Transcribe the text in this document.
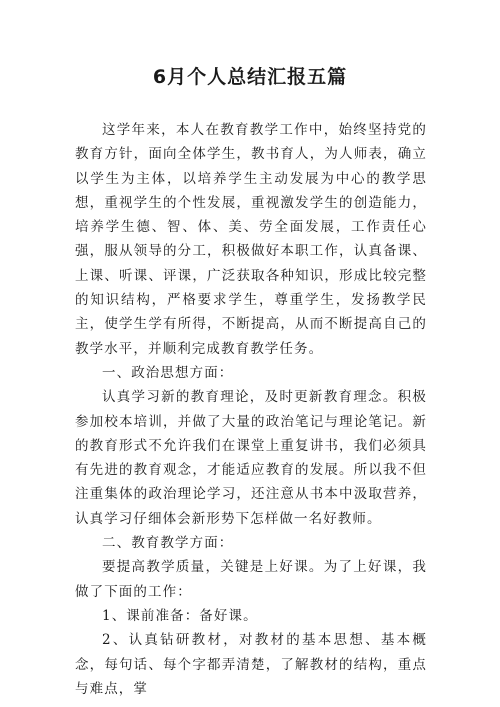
6月个人总结汇报五篇

这学年来，本人在教育教学工作中，始终坚持党的教育方针，面向全体学生，教书育人，为人师表，确立以学生为主体，以培养学生主动发展为中心的教学思想，重视学生的个性发展，重视激发学生的创造能力，培养学生德、智、体、美、劳全面发展，工作责任心强，服从领导的分工，积极做好本职工作，认真备课、上课、听课、评课，广泛获取各种知识，形成比较完整的知识结构，严格要求学生，尊重学生，发扬教学民主，使学生学有所得，不断提高，从而不断提高自己的教学水平，并顺利完成教育教学任务。

一、政治思想方面：

认真学习新的教育理论，及时更新教育理念。积极参加校本培训，并做了大量的政治笔记与理论笔记。新的教育形式不允许我们在课堂上重复讲书，我们必须具有先进的教育观念，才能适应教育的发展。所以我不但注重集体的政治理论学习，还注意从书本中汲取营养，认真学习仔细体会新形势下怎样做一名好教师。

二、教育教学方面：

要提高教学质量，关键是上好课。为了上好课，我做了下面的工作：

1、课前准备：备好课。

2、认真钻研教材，对教材的基本思想、基本概念，每句话、每个字都弄清楚，了解教材的结构，重点与难点，掌
